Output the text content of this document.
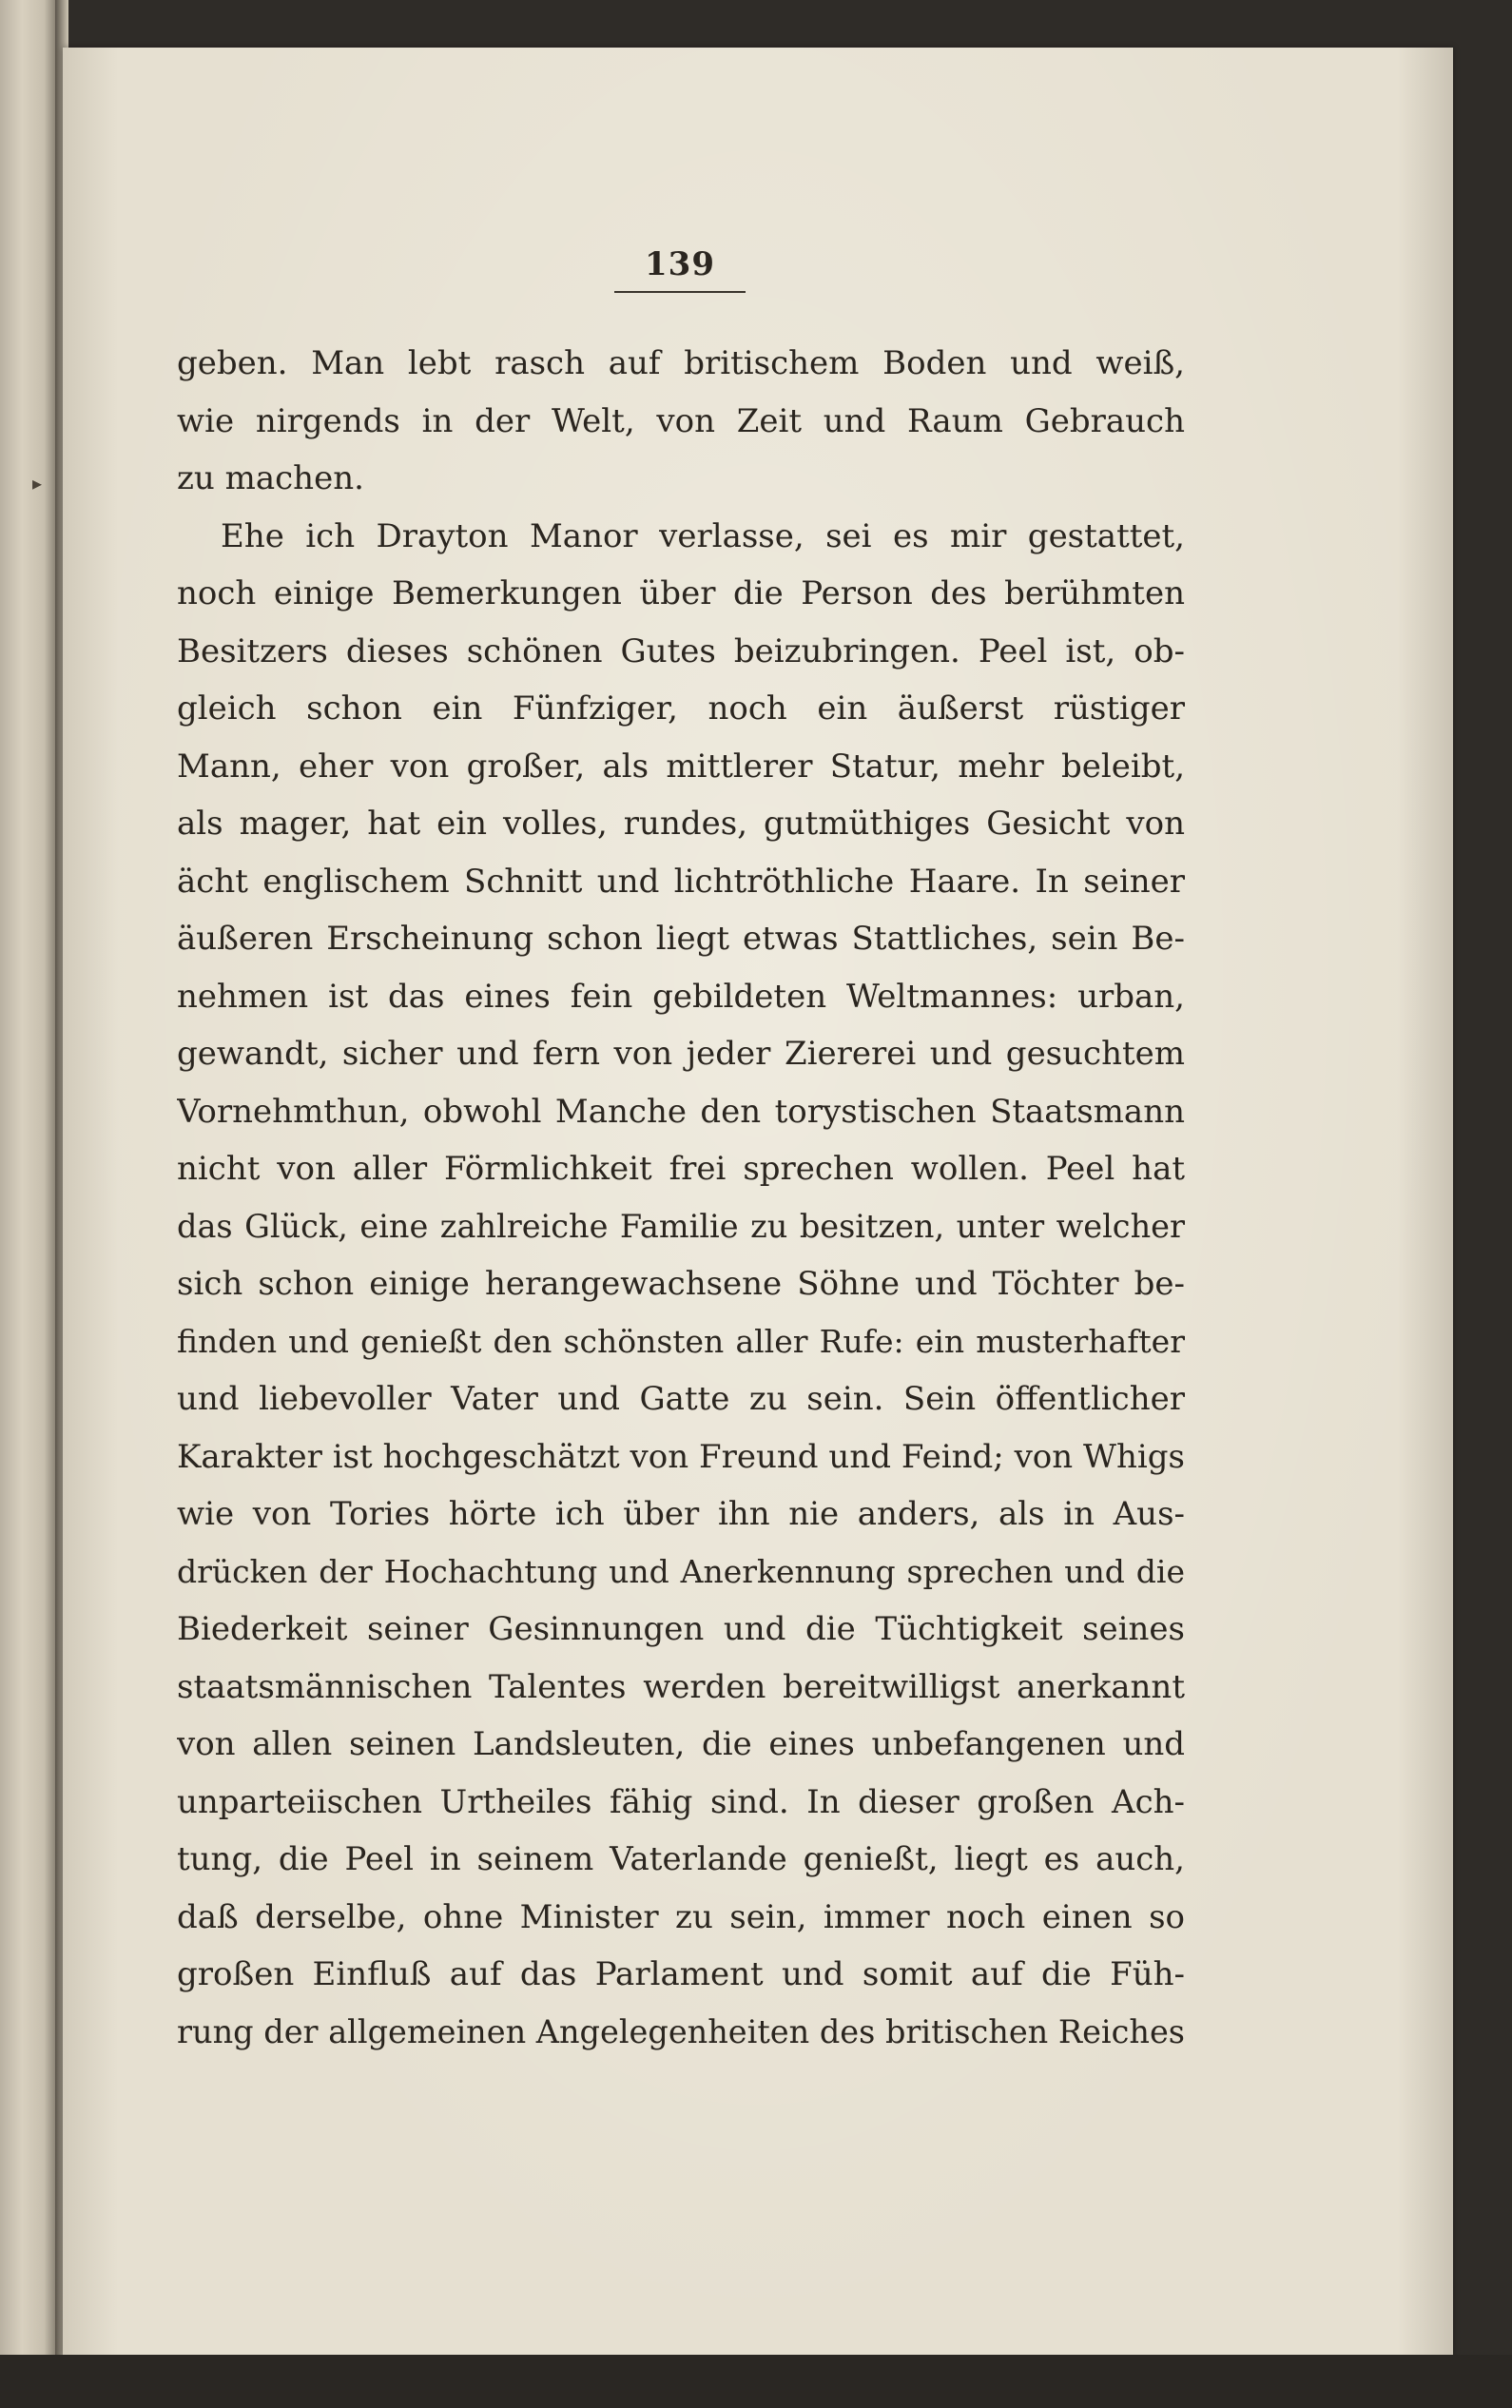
▸
139
geben. Man lebt rasch auf britischem Boden und weiß,
wie nirgends in der Welt, von Zeit und Raum Gebrauch
zu machen.
Ehe ich Drayton Manor verlasse, sei es mir gestattet,
noch einige Bemerkungen über die Person des berühmten
Besitzers dieses schönen Gutes beizubringen. Peel ist, ob-
gleich schon ein Fünfziger, noch ein äußerst rüstiger
Mann, eher von großer, als mittlerer Statur, mehr beleibt,
als mager, hat ein volles, rundes, gutmüthiges Gesicht von
ächt englischem Schnitt und lichtröthliche Haare. In seiner
äußeren Erscheinung schon liegt etwas Stattliches, sein Be-
nehmen ist das eines fein gebildeten Weltmannes: urban,
gewandt, sicher und fern von jeder Ziererei und gesuchtem
Vornehmthun, obwohl Manche den torystischen Staatsmann
nicht von aller Förmlichkeit frei sprechen wollen. Peel hat
das Glück, eine zahlreiche Familie zu besitzen, unter welcher
sich schon einige herangewachsene Söhne und Töchter be-
finden und genießt den schönsten aller Rufe: ein musterhafter
und liebevoller Vater und Gatte zu sein. Sein öffentlicher
Karakter ist hochgeschätzt von Freund und Feind; von Whigs
wie von Tories hörte ich über ihn nie anders, als in Aus-
drücken der Hochachtung und Anerkennung sprechen und die
Biederkeit seiner Gesinnungen und die Tüchtigkeit seines
staatsmännischen Talentes werden bereitwilligst anerkannt
von allen seinen Landsleuten, die eines unbefangenen und
unparteiischen Urtheiles fähig sind. In dieser großen Ach-
tung, die Peel in seinem Vaterlande genießt, liegt es auch,
daß derselbe, ohne Minister zu sein, immer noch einen so
großen Einfluß auf das Parlament und somit auf die Füh-
rung der allgemeinen Angelegenheiten des britischen Reiches
